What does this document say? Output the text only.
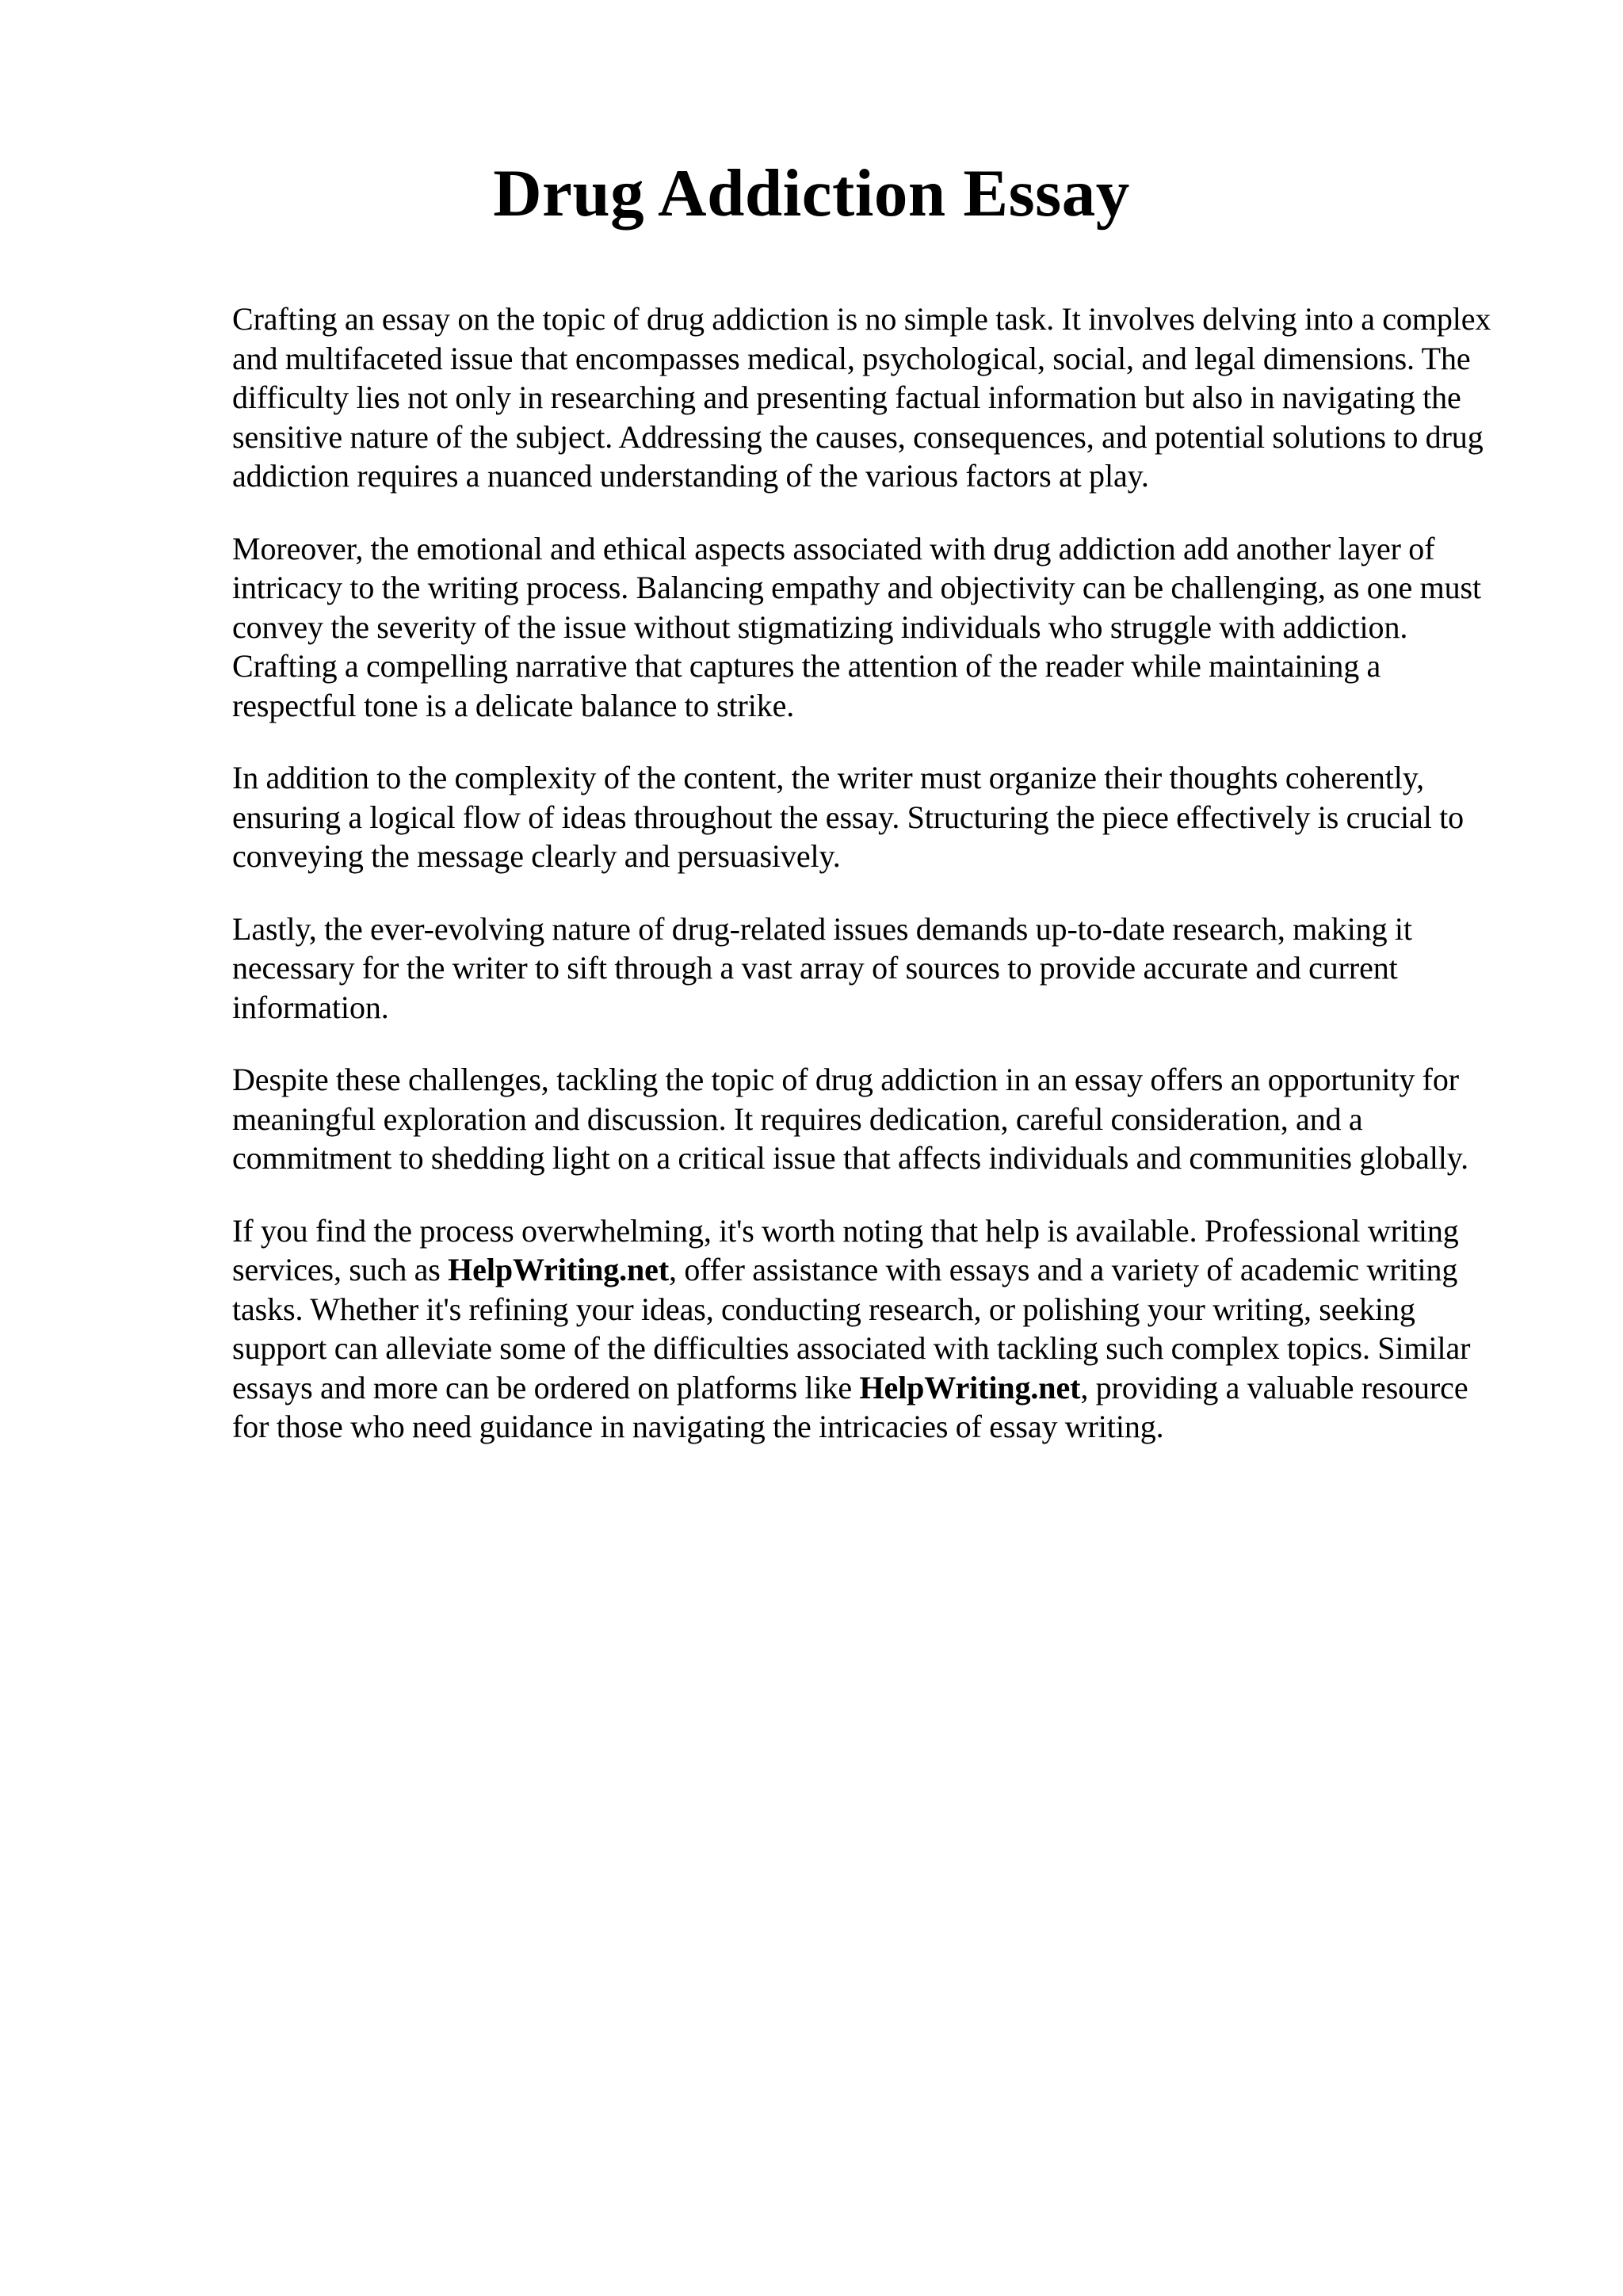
Drug Addiction Essay

Crafting an essay on the topic of drug addiction is no simple task. It involves delving into a complex and multifaceted issue that encompasses medical, psychological, social, and legal dimensions. The difficulty lies not only in researching and presenting factual information but also in navigating the sensitive nature of the subject. Addressing the causes, consequences, and potential solutions to drug addiction requires a nuanced understanding of the various factors at play.

Moreover, the emotional and ethical aspects associated with drug addiction add another layer of intricacy to the writing process. Balancing empathy and objectivity can be challenging, as one must convey the severity of the issue without stigmatizing individuals who struggle with addiction. Crafting a compelling narrative that captures the attention of the reader while maintaining a respectful tone is a delicate balance to strike.

In addition to the complexity of the content, the writer must organize their thoughts coherently, ensuring a logical flow of ideas throughout the essay. Structuring the piece effectively is crucial to conveying the message clearly and persuasively.

Lastly, the ever-evolving nature of drug-related issues demands up-to-date research, making it necessary for the writer to sift through a vast array of sources to provide accurate and current information.

Despite these challenges, tackling the topic of drug addiction in an essay offers an opportunity for meaningful exploration and discussion. It requires dedication, careful consideration, and a commitment to shedding light on a critical issue that affects individuals and communities globally.

If you find the process overwhelming, it's worth noting that help is available. Professional writing services, such as HelpWriting.net, offer assistance with essays and a variety of academic writing tasks. Whether it's refining your ideas, conducting research, or polishing your writing, seeking support can alleviate some of the difficulties associated with tackling such complex topics. Similar essays and more can be ordered on platforms like HelpWriting.net, providing a valuable resource for those who need guidance in navigating the intricacies of essay writing.
